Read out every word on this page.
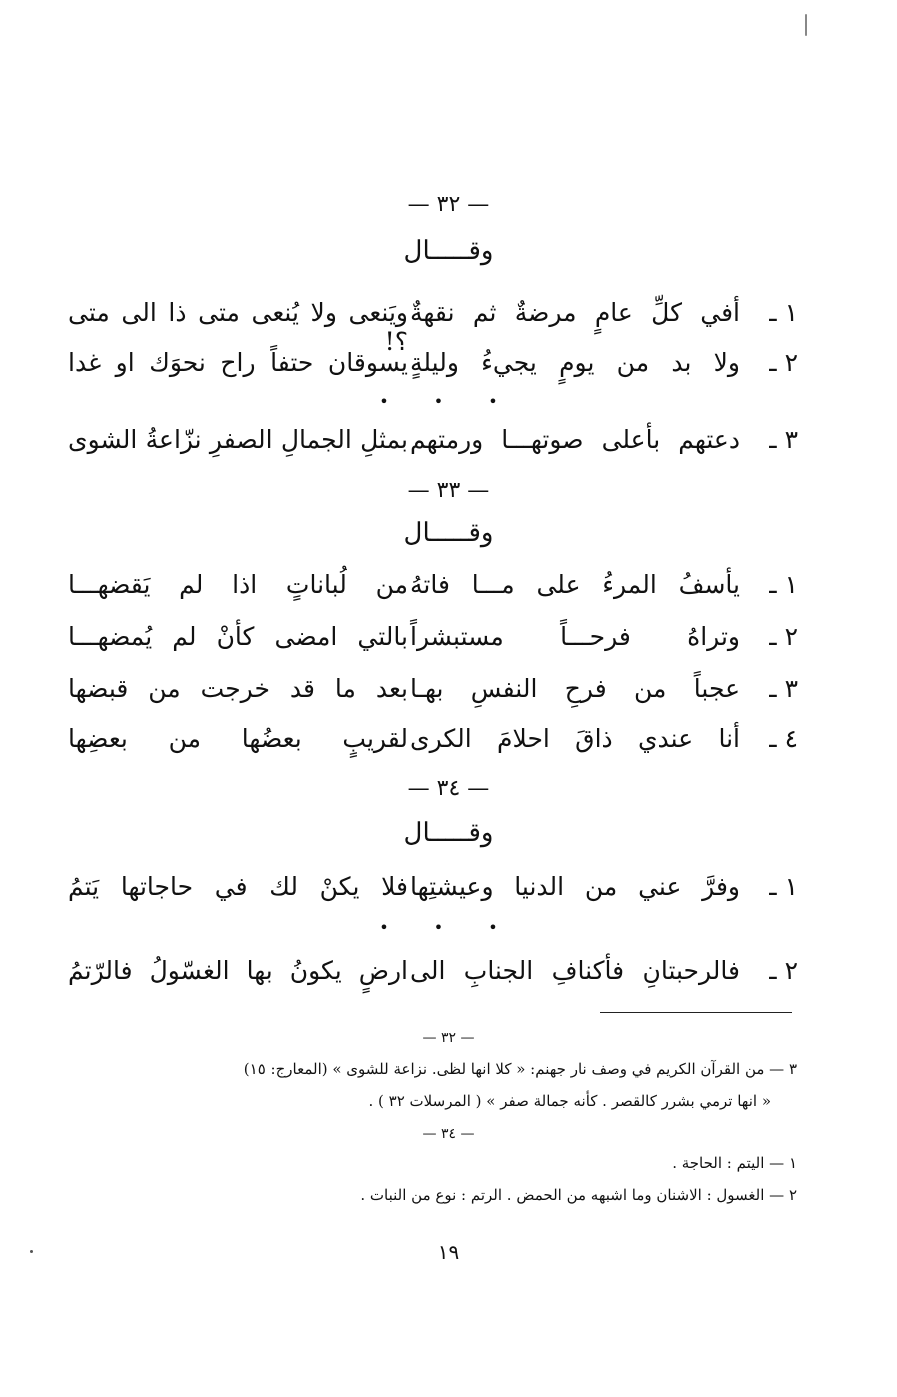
— ٣٢ —
وقـــــال
١ ـ
أفي كلِّ عامٍ مرضةٌ ثم نقهةٌ
ويَنعى ولا يُنعى متى ذا الى متى ؟!
٢ ـ
ولا بد من يومٍ يجيءُ وليلةٍ
يسوقان حتفاً راح نحوَك او غدا
• • •
٣ ـ
دعتهم بأعلى صوتهـــا ورمتهم
بمثلِ الجمالِ الصفرِ نزّاعةُ الشوى
— ٣٣ —
وقـــــال
١ ـ
يأسفُ المرءُ على مـــا فاتهُ
من لُباناتٍ اذا لم يَقضهـــا
٢ ـ
وتراهُ فرحـــاً مستبشراً
بالتي امضى كأنْ لم يُمضهـــا
٣ ـ
عجباً من فرحِ النفسِ بهـا
بعد ما قد خرجت من قبضها
٤ ـ
أنا عندي ذاقَ احلامَ الكرى
لقريبٍ بعضُها من بعضِها
— ٣٤ —
وقـــــال
١ ـ
وفرَّ عني من الدنيا وعيشتِها
فلا يكنْ لك في حاجاتها يَتمُ
• • •
٢ ـ
فالرحبتانِ فأكنافِ الجنابِ الى
ارضٍ يكونُ بها الغسّولُ فالرّتمُ
— ٣٢ —
٣ — من القرآن الكريم في وصف نار جهنم: « كلا انها لظى. نزاعة للشوى » (المعارج: ١٥)
« انها ترمي بشرر كالقصر . كأنه جمالة صفر » ( المرسلات ٣٢ ) .
— ٣٤ —
١ — اليتم : الحاجة .
٢ — الغسول : الاشنان وما اشبهه من الحمض . الرتم : نوع من النبات .
١٩
